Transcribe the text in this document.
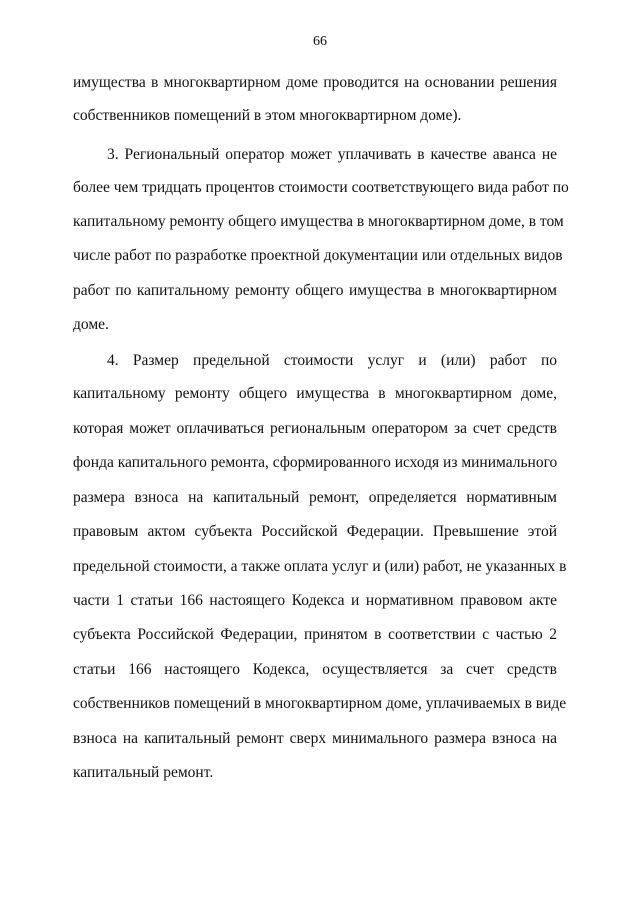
66
имущества в многоквартирном доме проводится на основании решения
собственников помещений в этом многоквартирном доме).
3. Региональный оператор может уплачивать в качестве аванса не
более чем тридцать процентов стоимости соответствующего вида работ по
капитальному ремонту общего имущества в многоквартирном доме, в том
числе работ по разработке проектной документации или отдельных видов
работ по капитальному ремонту общего имущества в многоквартирном
доме.
4. Размер предельной стоимости услуг и (или) работ по
капитальному ремонту общего имущества в многоквартирном доме,
которая может оплачиваться региональным оператором за счет средств
фонда капитального ремонта, сформированного исходя из минимального
размера взноса на капитальный ремонт, определяется нормативным
правовым актом субъекта Российской Федерации. Превышение этой
предельной стоимости, а также оплата услуг и (или) работ, не указанных в
части 1 статьи 166 настоящего Кодекса и нормативном правовом акте
субъекта Российской Федерации, принятом в соответствии с частью 2
статьи 166 настоящего Кодекса, осуществляется за счет средств
собственников помещений в многоквартирном доме, уплачиваемых в виде
взноса на капитальный ремонт сверх минимального размера взноса на
капитальный ремонт.
